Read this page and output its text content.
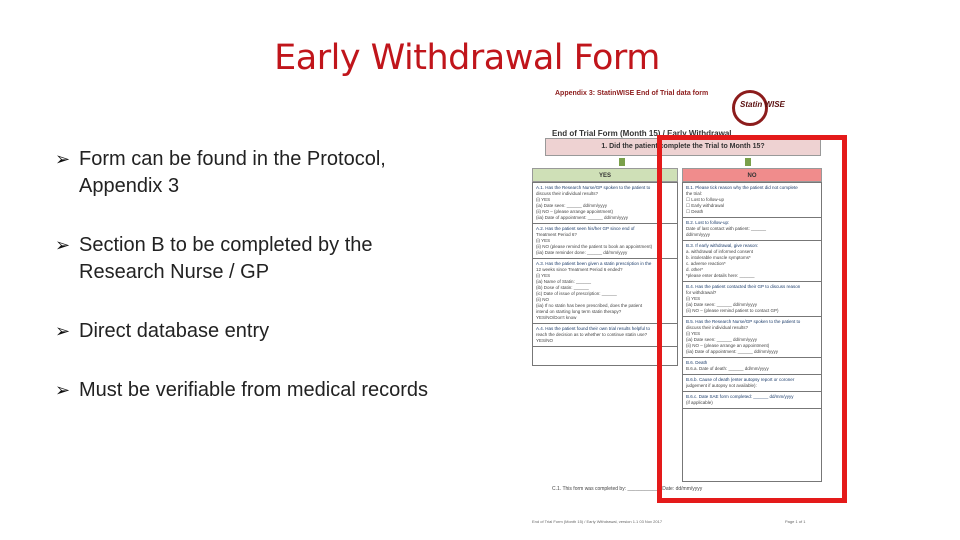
Early Withdrawal Form
➢ Form can be found in the Protocol, Appendix 3
➢ Section B to be completed by the Research Nurse / GP
➢ Direct database entry
➢ Must be verifiable from medical records
Appendix 3: StatinWISE End of Trial data form
Statin WISE
End of Trial Form (Month 15) / Early Withdrawal
1. Did the patient complete the Trial to Month 15?
YES	NO
A.1. Has the Research Nurse/GP spoken to the patient to
discuss their individual results?
(i) YES
(ia) Date seen: ______ dd/mm/yyyy
(ii) NO – (please arrange appointment)
(iia) Date of appointment: ______ dd/mm/yyyy
A.2. Has the patient seen his/her GP since end of
Treatment Period 6?
(i) YES
(ii) NO (please remind the patient to book an appointment)
(iia) Date reminder done: ______ dd/mm/yyyy
A.3. Has the patient been given a statin prescription in the
12 weeks since Treatment Period 6 ended?
(i) YES
(ia) Name of Statin: ______
(ib) Dose of statin: ______
(ic) Date of issue of prescription: ______
(ii) NO
(iia) If no statin has been prescribed, does the patient
intend on starting long term statin therapy?
YES/NO/Don't know
A.4. Has the patient found their own trial results helpful to
reach the decision as to whether to continue statin use?
YES/NO
B.1. Please tick reason why the patient did not complete
the trial:
☐ Lost to follow-up
☐ Early withdrawal
☐ Death
B.2. Lost to follow-up:
Date of last contact with patient: ______
dd/mm/yyyy
B.3. If early withdrawal, give reason:
a. withdrawal of informed consent
b. intolerable muscle symptoms*
c. adverse reaction*
d. other*
*please enter details here: ______
B.4. Has the patient contacted their GP to discuss reason
for withdrawal?
(i) YES
(ia) Date seen: ______ dd/mm/yyyy
(ii) NO – (please remind patient to contact GP)
B.5. Has the Research Nurse/GP spoken to the patient to
discuss their individual results?
(i) YES
(ia) Date seen: ______ dd/mm/yyyy
(ii) NO – (please arrange an appointment)
(iia) Date of appointment: ______ dd/mm/yyyy
B.6. Death
B.6.a. Date of death: ______ dd/mm/yyyy
B.6.b. Cause of death (enter autopsy report or coroner
judgement if autopsy not available):
B.6.c. Date SAE form completed: ______ dd/mm/yyyy
(if applicable)
C.1. This form was completed by: ____________ Date: dd/mm/yyyy
End of Trial Form (Month 15) / Early Withdrawal, version 1.1 03 Nov 2017	Page 1 of 1
